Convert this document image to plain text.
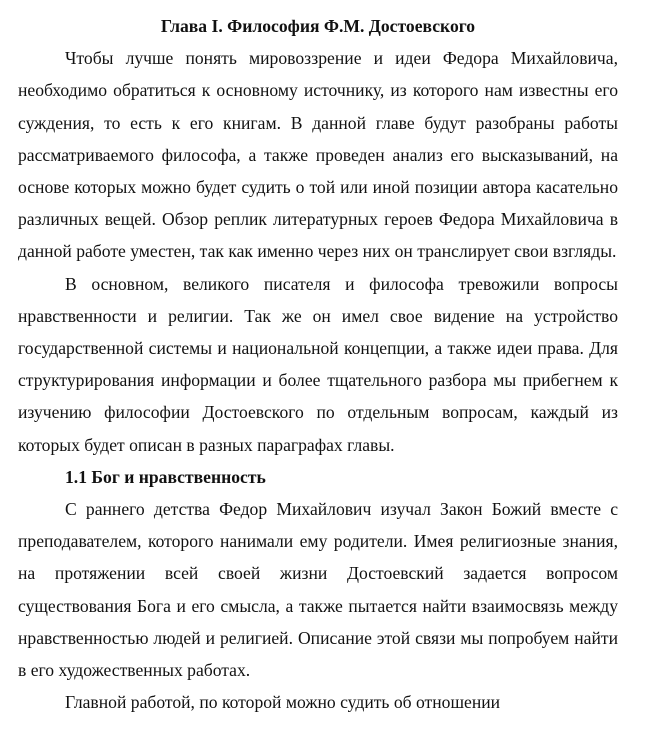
Глава I. Философия Ф.М. Достоевского

Чтобы лучше понять мировоззрение и идеи Федора Михайловича, необходимо обратиться к основному источнику, из которого нам известны его суждения, то есть к его книгам. В данной главе будут разобраны работы рассматриваемого философа, а также проведен анализ его высказываний, на основе которых можно будет судить о той или иной позиции автора касательно различных вещей. Обзор реплик литературных героев Федора Михайловича в данной работе уместен, так как именно через них он транслирует свои взгляды.

В основном, великого писателя и философа тревожили вопросы нравственности и религии. Так же он имел свое видение на устройство государственной системы и национальной концепции, а также идеи права. Для структурирования информации и более тщательного разбора мы прибегнем к изучению философии Достоевского по отдельным вопросам, каждый из которых будет описан в разных параграфах главы.

1.1 Бог и нравственность

С раннего детства Федор Михайлович изучал Закон Божий вместе с преподавателем, которого нанимали ему родители. Имея религиозные знания, на протяжении всей своей жизни Достоевский задается вопросом существования Бога и его смысла, а также пытается найти взаимосвязь между нравственностью людей и религией. Описание этой связи мы попробуем найти в его художественных работах.

Главной работой, по которой можно судить об отношении
